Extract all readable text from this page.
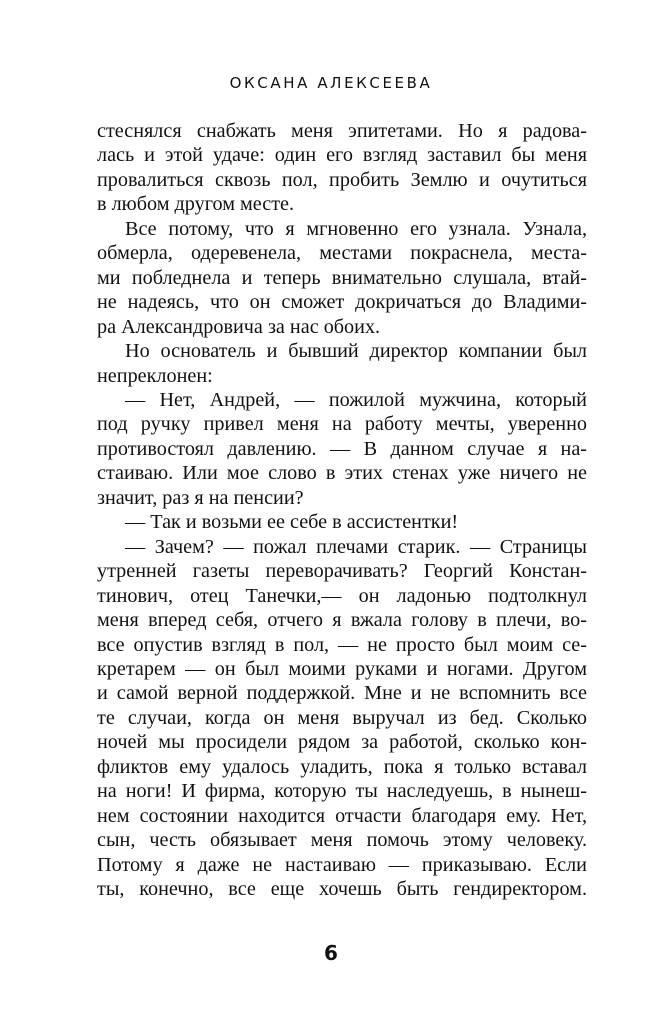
ОКСАНА АЛЕКСЕЕВА
стеснялся снабжать меня эпитетами. Но я радова-
лась и этой удаче: один его взгляд заставил бы меня
провалиться сквозь пол, пробить Землю и очутиться
в любом другом месте.
Все потому, что я мгновенно его узнала. Узнала,
обмерла, одеревенела, местами покраснела, места-
ми побледнела и теперь внимательно слушала, втай-
не надеясь, что он сможет докричаться до Владими-
ра Александровича за нас обоих.
Но основатель и бывший директор компании был
непреклонен:
— Нет, Андрей, — пожилой мужчина, который
под ручку привел меня на работу мечты, уверенно
противостоял давлению. — В данном случае я на-
стаиваю. Или мое слово в этих стенах уже ничего не
значит, раз я на пенсии?
— Так и возьми ее себе в ассистентки!
— Зачем? — пожал плечами старик. — Страницы
утренней газеты переворачивать? Георгий Констан-
тинович, отец Танечки,— он ладонью подтолкнул
меня вперед себя, отчего я вжала голову в плечи, во-
все опустив взгляд в пол, — не просто был моим се-
кретарем — он был моими руками и ногами. Другом
и самой верной поддержкой. Мне и не вспомнить все
те случаи, когда он меня выручал из бед. Сколько
ночей мы просидели рядом за работой, сколько кон-
фликтов ему удалось уладить, пока я только вставал
на ноги! И фирма, которую ты наследуешь, в нынеш-
нем состоянии находится отчасти благодаря ему. Нет,
сын, честь обязывает меня помочь этому человеку.
Потому я даже не настаиваю — приказываю. Если
ты, конечно, все еще хочешь быть гендиректором.
6
